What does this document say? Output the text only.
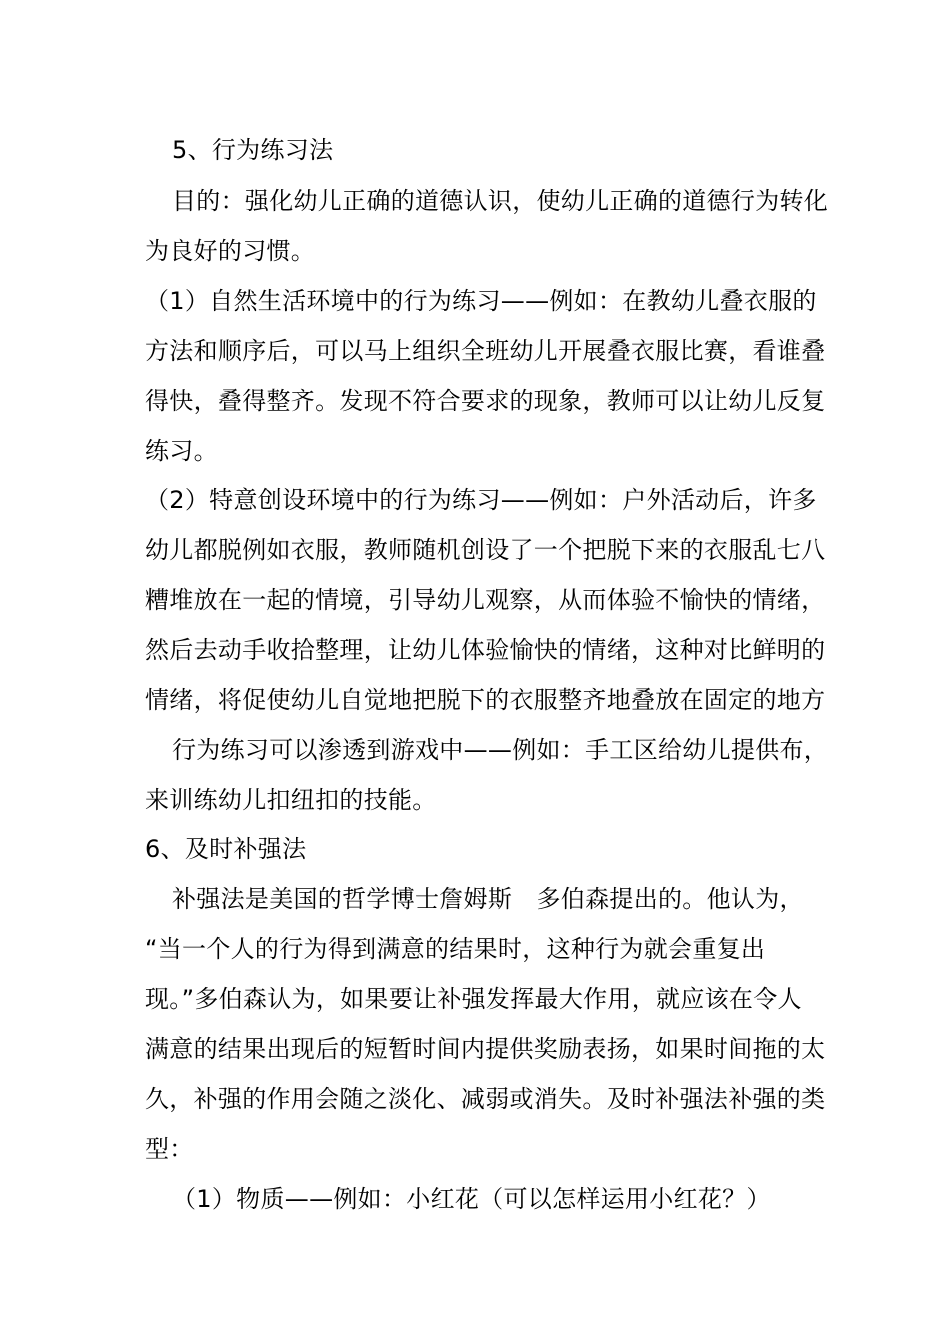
5、行为练习法
目的：强化幼儿正确的道德认识，使幼儿正确的道德行为转化
为良好的习惯。
（1）自然生活环境中的行为练习——例如：在教幼儿叠衣服的
方法和顺序后，可以马上组织全班幼儿开展叠衣服比赛，看谁叠
得快，叠得整齐。发现不符合要求的现象，教师可以让幼儿反复
练习。
（2）特意创设环境中的行为练习——例如：户外活动后，许多
幼儿都脱例如衣服，教师随机创设了一个把脱下来的衣服乱七八
糟堆放在一起的情境，引导幼儿观察，从而体验不愉快的情绪，
然后去动手收拾整理，让幼儿体验愉快的情绪，这种对比鲜明的
情绪，将促使幼儿自觉地把脱下的衣服整齐地叠放在固定的地方
行为练习可以渗透到游戏中——例如：手工区给幼儿提供布，
来训练幼儿扣纽扣的技能。
6、及时补强法
补强法是美国的哲学博士詹姆斯　多伯森提出的。他认为，
“当一个人的行为得到满意的结果时，这种行为就会重复出
现。”多伯森认为，如果要让补强发挥最大作用，就应该在令人
满意的结果出现后的短暂时间内提供奖励表扬，如果时间拖的太
久，补强的作用会随之淡化、减弱或消失。及时补强法补强的类
型：
（1）物质——例如：小红花（可以怎样运用小红花？）
